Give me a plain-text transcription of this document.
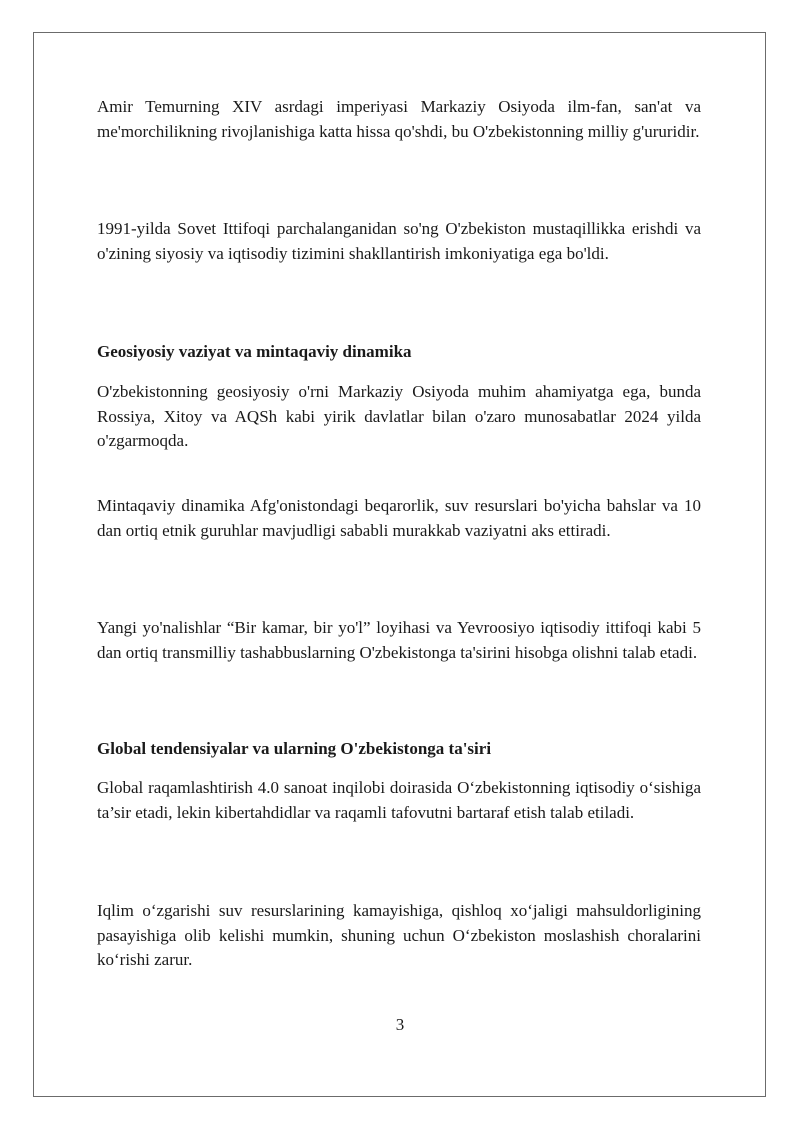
Amir Temurning XIV asrdagi imperiyasi Markaziy Osiyoda ilm-fan, san'at va me'morchilikning rivojlanishiga katta hissa qo'shdi, bu O'zbekistonning milliy g'ururidir.

1991-yilda Sovet Ittifoqi parchalanganidan so'ng O'zbekiston mustaqillikka erishdi va o'zining siyosiy va iqtisodiy tizimini shakllantirish imkoniyatiga ega bo'ldi.

Geosiyosiy vaziyat va mintaqaviy dinamika

O'zbekistonning geosiyosiy o'rni Markaziy Osiyoda muhim ahamiyatga ega, bunda Rossiya, Xitoy va AQSh kabi yirik davlatlar bilan o'zaro munosabatlar 2024 yilda o'zgarmoqda.

Mintaqaviy dinamika Afg'onistondagi beqarorlik, suv resurslari bo'yicha bahslar va 10 dan ortiq etnik guruhlar mavjudligi sababli murakkab vaziyatni aks ettiradi.

Yangi yo'nalishlar “Bir kamar, bir yo'l” loyihasi va Yevroosiyo iqtisodiy ittifoqi kabi 5 dan ortiq transmilliy tashabbuslarning O'zbekistonga ta'sirini hisobga olishni talab etadi.

Global tendensiyalar va ularning O'zbekistonga ta'siri

Global raqamlashtirish 4.0 sanoat inqilobi doirasida O‘zbekistonning iqtisodiy o‘sishiga ta’sir etadi, lekin kibertahdidlar va raqamli tafovutni bartaraf etish talab etiladi.

Iqlim o‘zgarishi suv resurslarining kamayishiga, qishloq xo‘jaligi mahsuldorligining pasayishiga olib kelishi mumkin, shuning uchun O‘zbekiston moslashish choralarini ko‘rishi zarur.

3
